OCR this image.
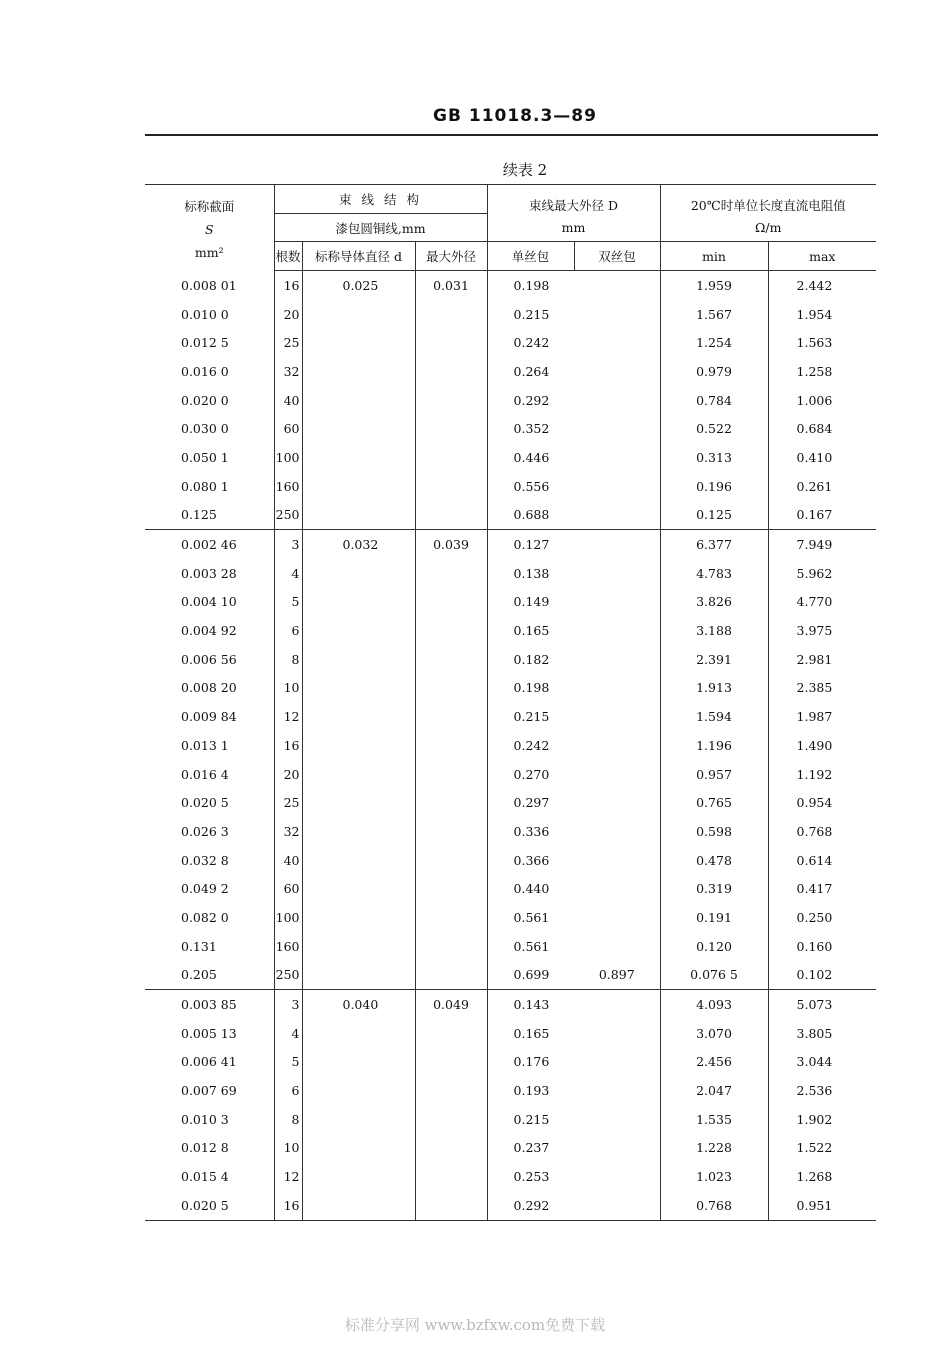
GB 11018.3—89
续表 2
标称截面
S
mm²	束 线 结 构			束线最大外径 D		20℃时单位长度直流电阻值	
	漆包圆铜线,mm			mm		Ω/m	
	根数	标称导体直径 d	最大外径	单丝包	双丝包	min	max
0.008 01	16	0.025	0.031	0.198		1.959	2.442
0.010 0	20			0.215		1.567	1.954
0.012 5	25			0.242		1.254	1.563
0.016 0	32			0.264		0.979	1.258
0.020 0	40			0.292		0.784	1.006
0.030 0	60			0.352		0.522	0.684
0.050 1	100			0.446		0.313	0.410
0.080 1	160			0.556		0.196	0.261
0.125	250			0.688		0.125	0.167
0.002 46	3	0.032	0.039	0.127		6.377	7.949
0.003 28	4			0.138		4.783	5.962
0.004 10	5			0.149		3.826	4.770
0.004 92	6			0.165		3.188	3.975
0.006 56	8			0.182		2.391	2.981
0.008 20	10			0.198		1.913	2.385
0.009 84	12			0.215		1.594	1.987
0.013 1	16			0.242		1.196	1.490
0.016 4	20			0.270		0.957	1.192
0.020 5	25			0.297		0.765	0.954
0.026 3	32			0.336		0.598	0.768
0.032 8	40			0.366		0.478	0.614
0.049 2	60			0.440		0.319	0.417
0.082 0	100			0.561		0.191	0.250
0.131	160			0.561		0.120	0.160
0.205	250			0.699	0.897	0.076 5	0.102
0.003 85	3	0.040	0.049	0.143		4.093	5.073
0.005 13	4			0.165		3.070	3.805
0.006 41	5			0.176		2.456	3.044
0.007 69	6			0.193		2.047	2.536
0.010 3	8			0.215		1.535	1.902
0.012 8	10			0.237		1.228	1.522
0.015 4	12			0.253		1.023	1.268
0.020 5	16			0.292		0.768	0.951
标准分享网 www.bzfxw.com免费下载
